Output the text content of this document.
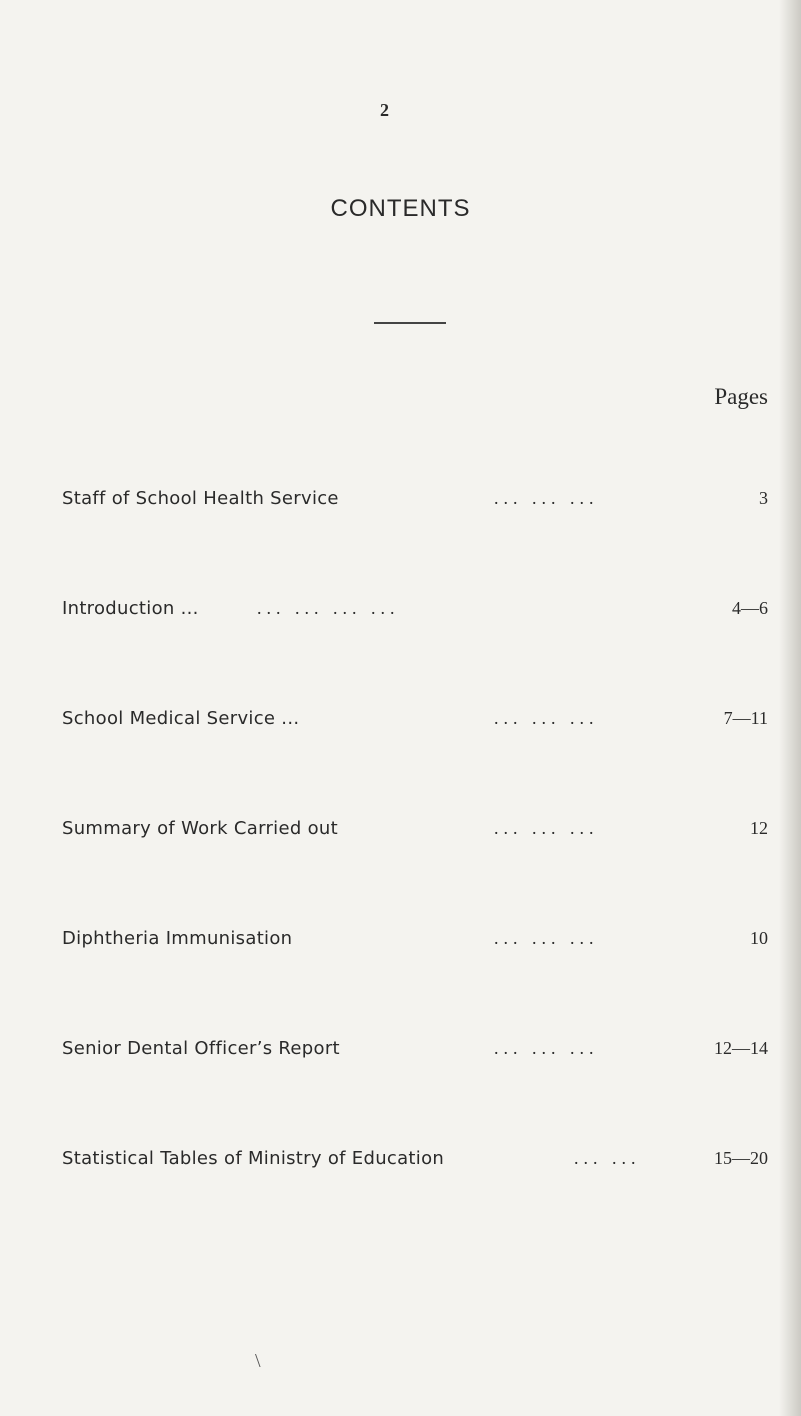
2
CONTENTS
Pages
Staff of School Health Service	... ... ...	3
Introduction ...	... ... ... ...	4—6
School Medical Service ...	... ... ...	7—11
Summary of Work Carried out	... ... ...	12
Diphtheria Immunisation	... ... ...	10
Senior Dental Officer’s Report	... ... ...	12—14
Statistical Tables of Ministry of Education	... ...	15—20
\
